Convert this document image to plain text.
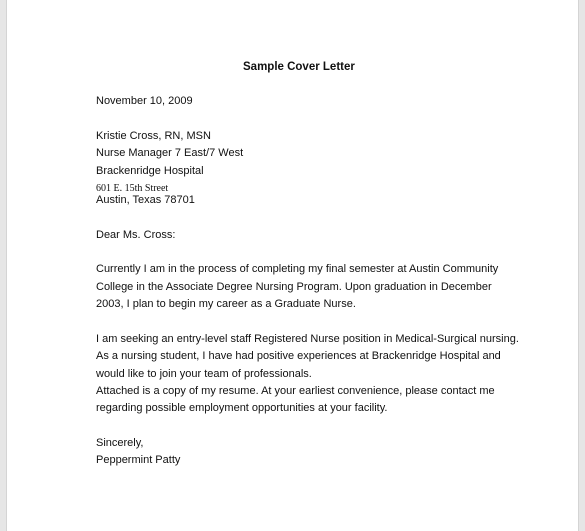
Sample Cover Letter
November 10, 2009
Kristie Cross, RN, MSN
Nurse Manager 7 East/7 West
Brackenridge Hospital
601 E. 15th Street
Austin, Texas 78701
Dear Ms. Cross:
Currently I am in the process of completing my final semester at Austin Community
College in the Associate Degree Nursing Program. Upon graduation in December
2003, I plan to begin my career as a Graduate Nurse.
I am seeking an entry-level staff Registered Nurse position in Medical-Surgical nursing.
As a nursing student, I have had positive experiences at Brackenridge Hospital and
would like to join your team of professionals.
Attached is a copy of my resume. At your earliest convenience, please contact me
regarding possible employment opportunities at your facility.
Sincerely,
Peppermint Patty
